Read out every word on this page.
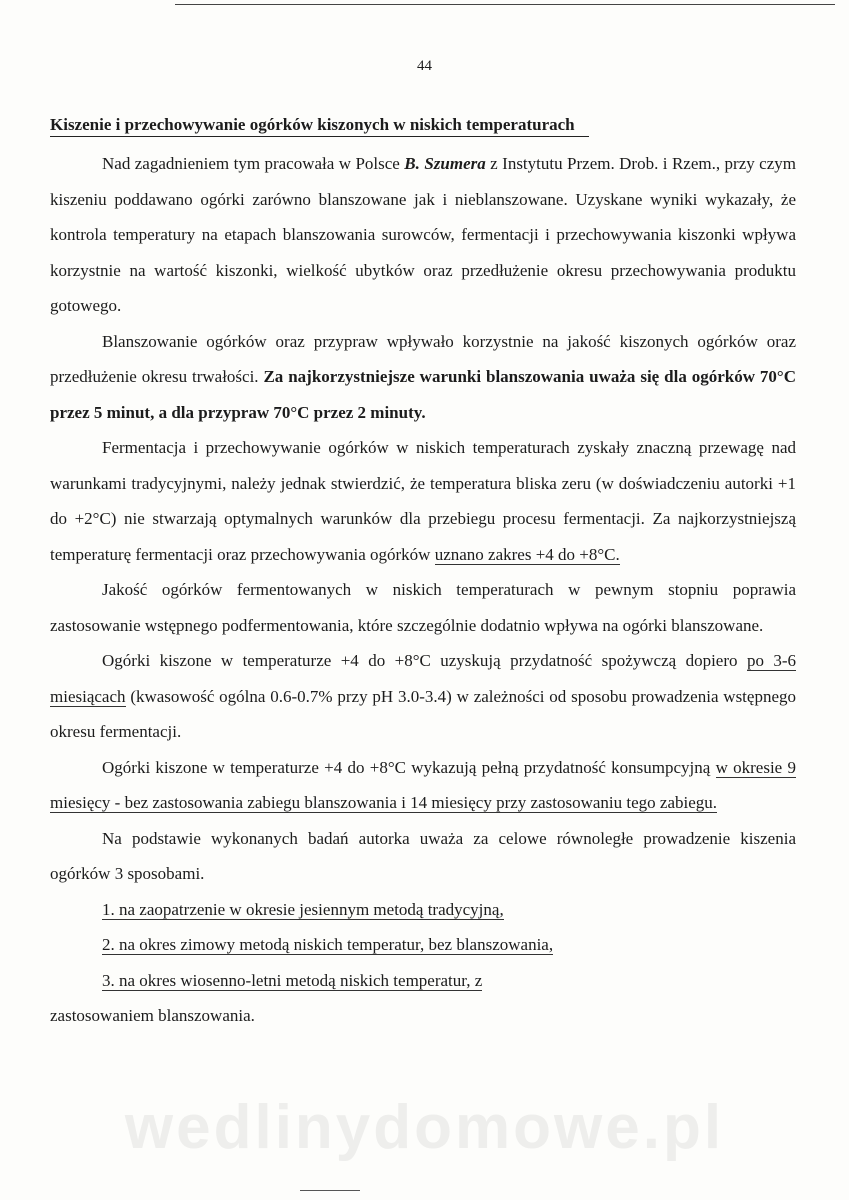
44
Kiszenie i przechowywanie ogórków kiszonych w niskich temperaturach

Nad zagadnieniem tym pracowała w Polsce B. Szumera z Instytutu Przem. Drob. i Rzem., przy czym kiszeniu poddawano ogórki zarówno blanszowane jak i nieblanszowane. Uzyskane wyniki wykazały, że kontrola temperatury na etapach blanszowania surowców, fermentacji i przechowywania kiszonki wpływa korzystnie na wartość kiszonki, wielkość ubytków oraz przedłużenie okresu przechowywania produktu gotowego.

Blanszowanie ogórków oraz przypraw wpływało korzystnie na jakość kiszonych ogórków oraz przedłużenie okresu trwałości. Za najkorzystniejsze warunki blanszowania uważa się dla ogórków 70°C przez 5 minut, a dla przypraw 70°C przez 2 minuty.

Fermentacja i przechowywanie ogórków w niskich temperaturach zyskały znaczną przewagę nad warunkami tradycyjnymi, należy jednak stwierdzić, że temperatura bliska zeru (w doświadczeniu autorki +1 do +2°C) nie stwarzają optymalnych warunków dla przebiegu procesu fermentacji. Za najkorzystniejszą temperaturę fermentacji oraz przechowywania ogórków uznano zakres +4 do +8°C.

Jakość ogórków fermentowanych w niskich temperaturach w pewnym stopniu poprawia zastosowanie wstępnego podfermentowania, które szczególnie dodatnio wpływa na ogórki blanszowane.

Ogórki kiszone w temperaturze +4 do +8°C uzyskują przydatność spożywczą dopiero po 3-6 miesiącach (kwasowość ogólna 0.6-0.7% przy pH 3.0-3.4) w zależności od sposobu prowadzenia wstępnego okresu fermentacji.

Ogórki kiszone w temperaturze +4 do +8°C wykazują pełną przydatność konsumpcyjną w okresie 9 miesięcy - bez zastosowania zabiegu blanszowania i 14 miesięcy przy zastosowaniu tego zabiegu.

Na podstawie wykonanych badań autorka uważa za celowe równoległe prowadzenie kiszenia ogórków 3 sposobami.

1. na zaopatrzenie w okresie jesiennym metodą tradycyjną,

2. na okres zimowy metodą niskich temperatur, bez blanszowania,

3. na okres wiosenno-letni metodą niskich temperatur, z

zastosowaniem blanszowania.

wedlinydomowe.pl
